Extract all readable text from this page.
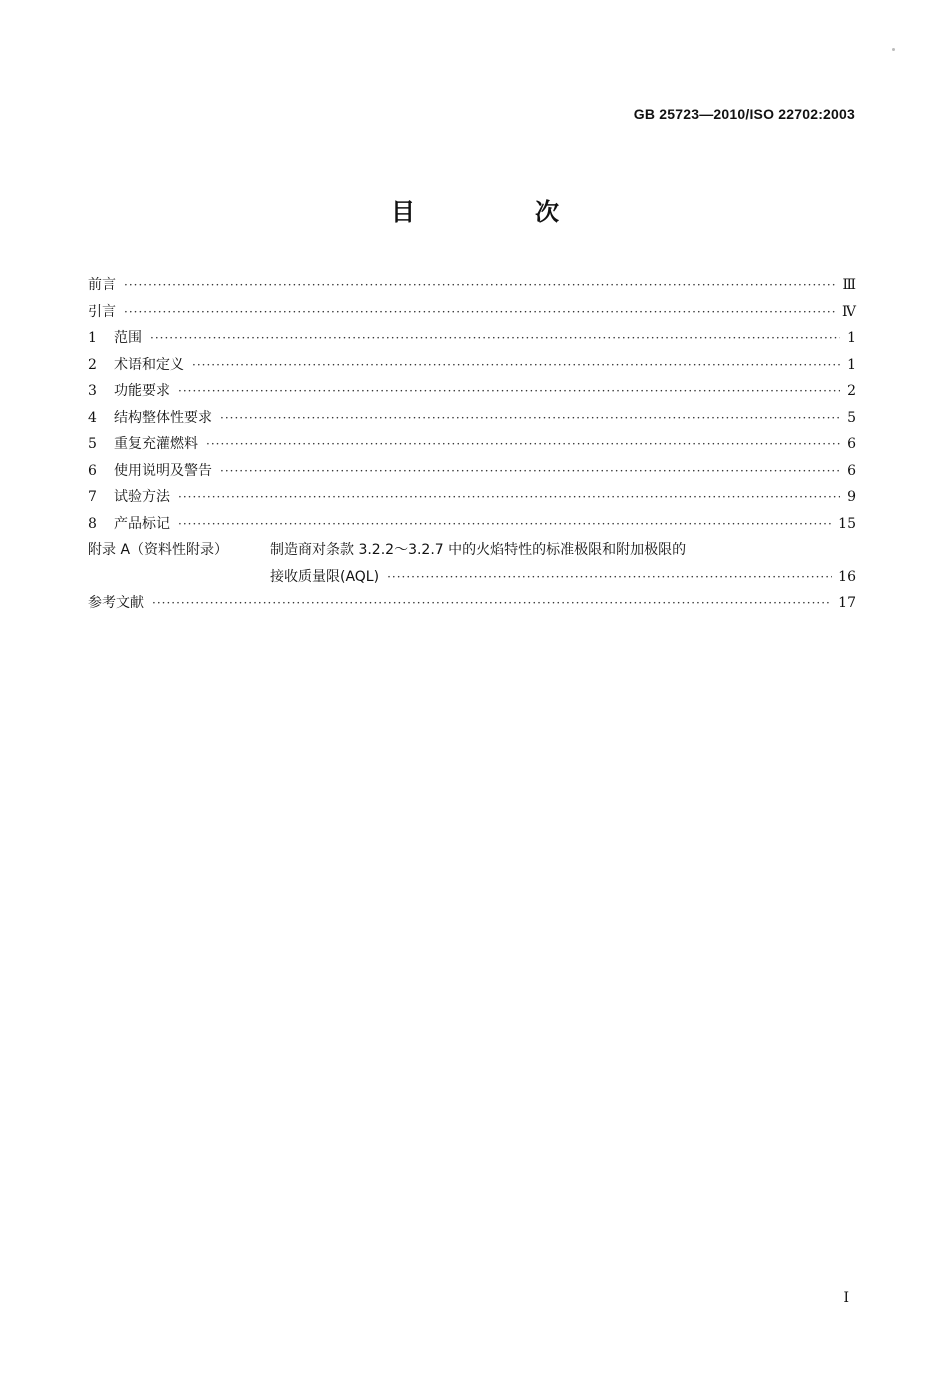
GB 25723—2010/ISO 22702:2003
目　次
前言 ·····	Ⅲ
引言 ·····	Ⅳ
1	范围 ·····	1
2	术语和定义 ·····	1
3	功能要求 ·····	2
4	结构整体性要求 ·····	5
5	重复充灌燃料 ·····	6
6	使用说明及警告 ·····	6
7	试验方法 ·····	9
8	产品标记 ·····	15
附录 A（资料性附录）	制造商对条款 3.2.2～3.2.7 中的火焰特性的标准极限和附加极限的
接收质量限(AQL) ·····	16
参考文献 ·····	17
I
